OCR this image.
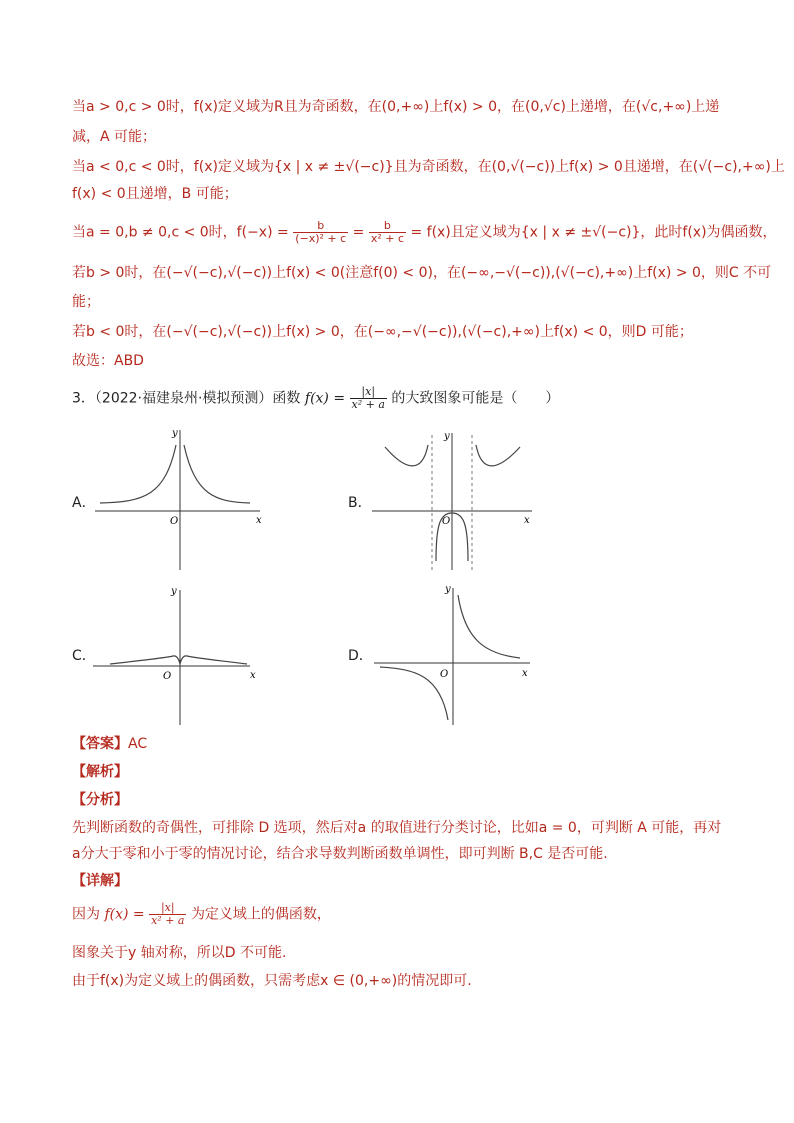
当a > 0,c > 0时，f(x)定义域为R且为奇函数，在(0,+∞)上f(x) > 0，在(0,√c)上递增，在(√c,+∞)上递
减，A 可能；
当a < 0,c < 0时，f(x)定义域为{x | x ≠ ±√(−c)}且为奇函数，在(0,√(−c))上f(x) > 0且递增，在(√(−c),+∞)上
f(x) < 0且递增，B 可能；
当a = 0,b ≠ 0,c < 0时，$f(-x) = \frac{b}{\text{(−x)² + c}} = \frac{b}{\text{x² + c}} = f(x)$且定义域为{x | x ≠ ±√(−c)}，此时f(x)为偶函数，
若b > 0时，在(−√(−c),√(−c))上f(x) < 0(注意f(0) < 0)，在(−∞,−√(−c)),(√(−c),+∞)上f(x) > 0，则C 不可
能；
若b < 0时，在(−√(−c),√(−c))上f(x) > 0，在(−∞,−√(−c)),(√(−c),+∞)上f(x) < 0，则D 可能；
故选：ABD
3．（2022·福建泉州·模拟预测）函数 $f(x) = \frac{|x|}{\text{x² + a}}$ 的大致图象可能是（　　）
A．	B．
C．	D．
y
x
O
y
x
O
y
x
O
y
x
O
【答案】AC
【解析】
【分析】
先判断函数的奇偶性，可排除 D 选项，然后对a 的取值进行分类讨论，比如a = 0，可判断 A 可能，再对
a分大于零和小于零的情况讨论，结合求导数判断函数单调性，即可判断 B,C 是否可能.
【详解】
因为 $f(x) = \frac{|x|}{\text{x² + a}}$ 为定义域上的偶函数，
图象关于y 轴对称，所以D 不可能.
由于f(x)为定义域上的偶函数，只需考虑x ∈ (0,+∞)的情况即可.
